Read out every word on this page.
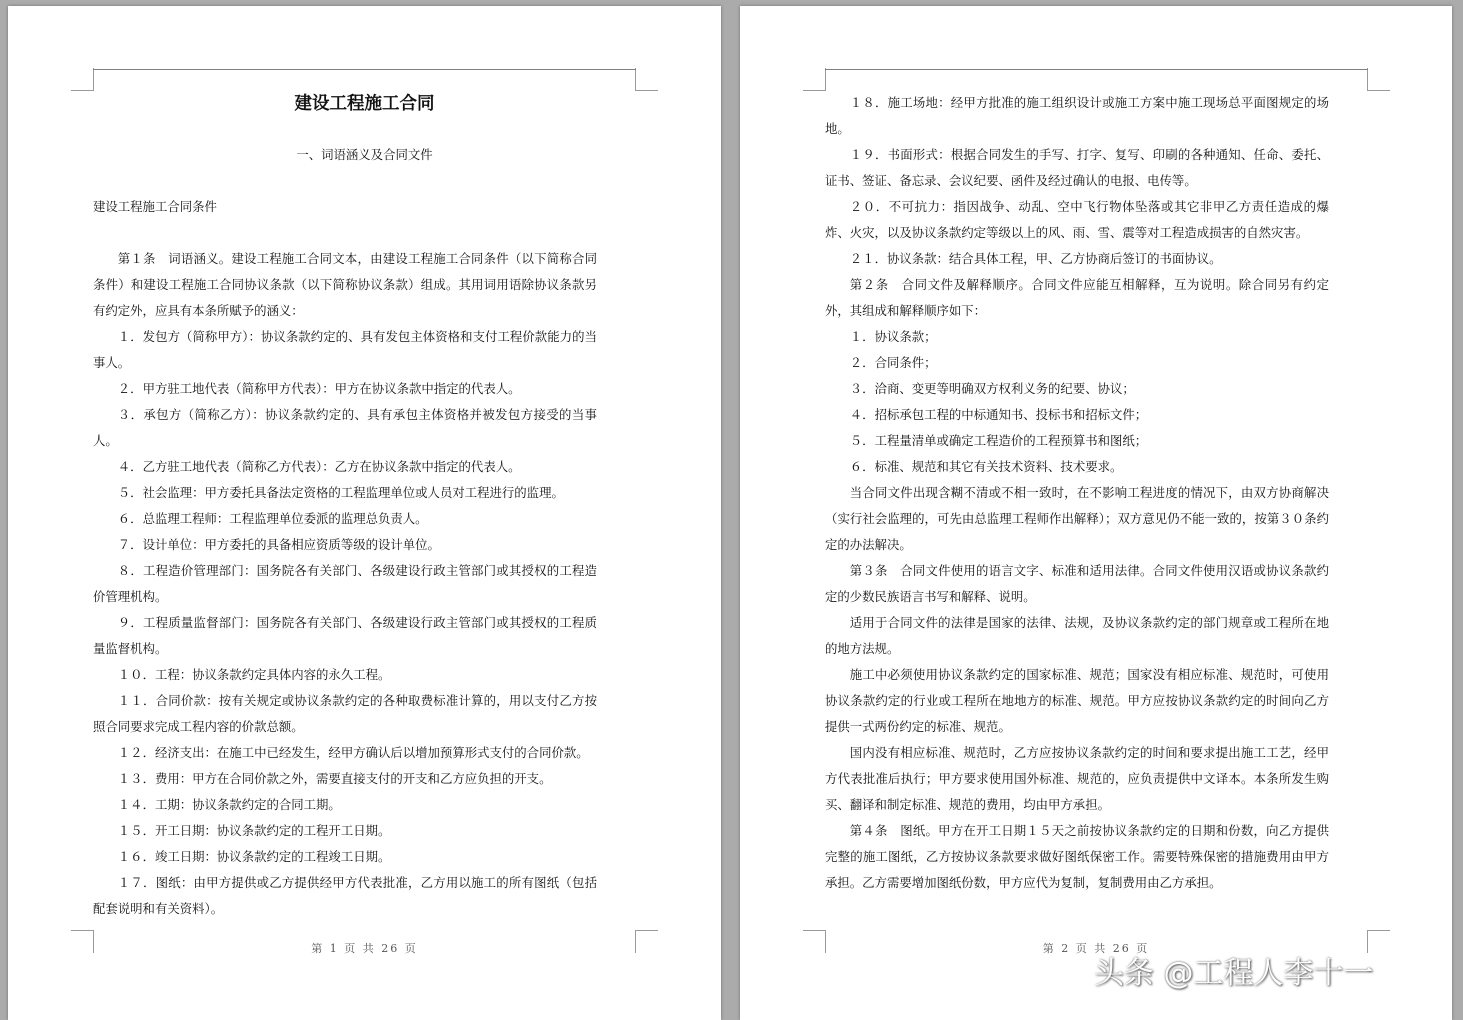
建设工程施工合同
一、词语涵义及合同文件
建设工程施工合同条件

第１条　词语涵义。建设工程施工合同文本，由建设工程施工合同条件（以下简称合同条件）和建设工程施工合同协议条款（以下简称协议条款）组成。其用词用语除协议条款另有约定外，应具有本条所赋予的涵义：

１．发包方（简称甲方）：协议条款约定的、具有发包主体资格和支付工程价款能力的当事人。

２．甲方驻工地代表（简称甲方代表）：甲方在协议条款中指定的代表人。

３．承包方（简称乙方）：协议条款约定的、具有承包主体资格并被发包方接受的当事人。

４．乙方驻工地代表（简称乙方代表）：乙方在协议条款中指定的代表人。

５．社会监理：甲方委托具备法定资格的工程监理单位或人员对工程进行的监理。

６．总监理工程师：工程监理单位委派的监理总负责人。

７．设计单位：甲方委托的具备相应资质等级的设计单位。

８．工程造价管理部门：国务院各有关部门、各级建设行政主管部门或其授权的工程造价管理机构。

９．工程质量监督部门：国务院各有关部门、各级建设行政主管部门或其授权的工程质量监督机构。

１０．工程：协议条款约定具体内容的永久工程。

１１．合同价款：按有关规定或协议条款约定的各种取费标准计算的，用以支付乙方按照合同要求完成工程内容的价款总额。

１２．经济支出：在施工中已经发生，经甲方确认后以增加预算形式支付的合同价款。

１３．费用：甲方在合同价款之外，需要直接支付的开支和乙方应负担的开支。

１４．工期：协议条款约定的合同工期。

１５．开工日期：协议条款约定的工程开工日期。

１６．竣工日期：协议条款约定的工程竣工日期。

１７．图纸：由甲方提供或乙方提供经甲方代表批准，乙方用以施工的所有图纸（包括配套说明和有关资料）。

第 1 页 共 26 页

１８．施工场地：经甲方批准的施工组织设计或施工方案中施工现场总平面图规定的场地。

１９．书面形式：根据合同发生的手写、打字、复写、印刷的各种通知、任命、委托、证书、签证、备忘录、会议纪要、函件及经过确认的电报、电传等。

２０．不可抗力：指因战争、动乱、空中飞行物体坠落或其它非甲乙方责任造成的爆炸、火灾，以及协议条款约定等级以上的风、雨、雪、震等对工程造成损害的自然灾害。

２１．协议条款：结合具体工程，甲、乙方协商后签订的书面协议。

第２条　合同文件及解释顺序。合同文件应能互相解释，互为说明。除合同另有约定外，其组成和解释顺序如下：

１．协议条款；

２．合同条件；

３．洽商、变更等明确双方权利义务的纪要、协议；

４．招标承包工程的中标通知书、投标书和招标文件；

５．工程量清单或确定工程造价的工程预算书和图纸；

６．标准、规范和其它有关技术资料、技术要求。

当合同文件出现含糊不清或不相一致时，在不影响工程进度的情况下，由双方协商解决（实行社会监理的，可先由总监理工程师作出解释）；双方意见仍不能一致的，按第３０条约定的办法解决。

第３条　合同文件使用的语言文字、标准和适用法律。合同文件使用汉语或协议条款约定的少数民族语言书写和解释、说明。

适用于合同文件的法律是国家的法律、法规，及协议条款约定的部门规章或工程所在地的地方法规。

施工中必须使用协议条款约定的国家标准、规范；国家没有相应标准、规范时，可使用协议条款约定的行业或工程所在地地方的标准、规范。甲方应按协议条款约定的时间向乙方提供一式两份约定的标准、规范。

国内没有相应标准、规范时，乙方应按协议条款约定的时间和要求提出施工工艺，经甲方代表批准后执行；甲方要求使用国外标准、规范的，应负责提供中文译本。本条所发生购买、翻译和制定标准、规范的费用，均由甲方承担。

第４条　图纸。甲方在开工日期１５天之前按协议条款约定的日期和份数，向乙方提供完整的施工图纸，乙方按协议条款要求做好图纸保密工作。需要特殊保密的措施费用由甲方承担。乙方需要增加图纸份数，甲方应代为复制，复制费用由乙方承担。

第 2 页 共 26 页
头条 @工程人李十一
